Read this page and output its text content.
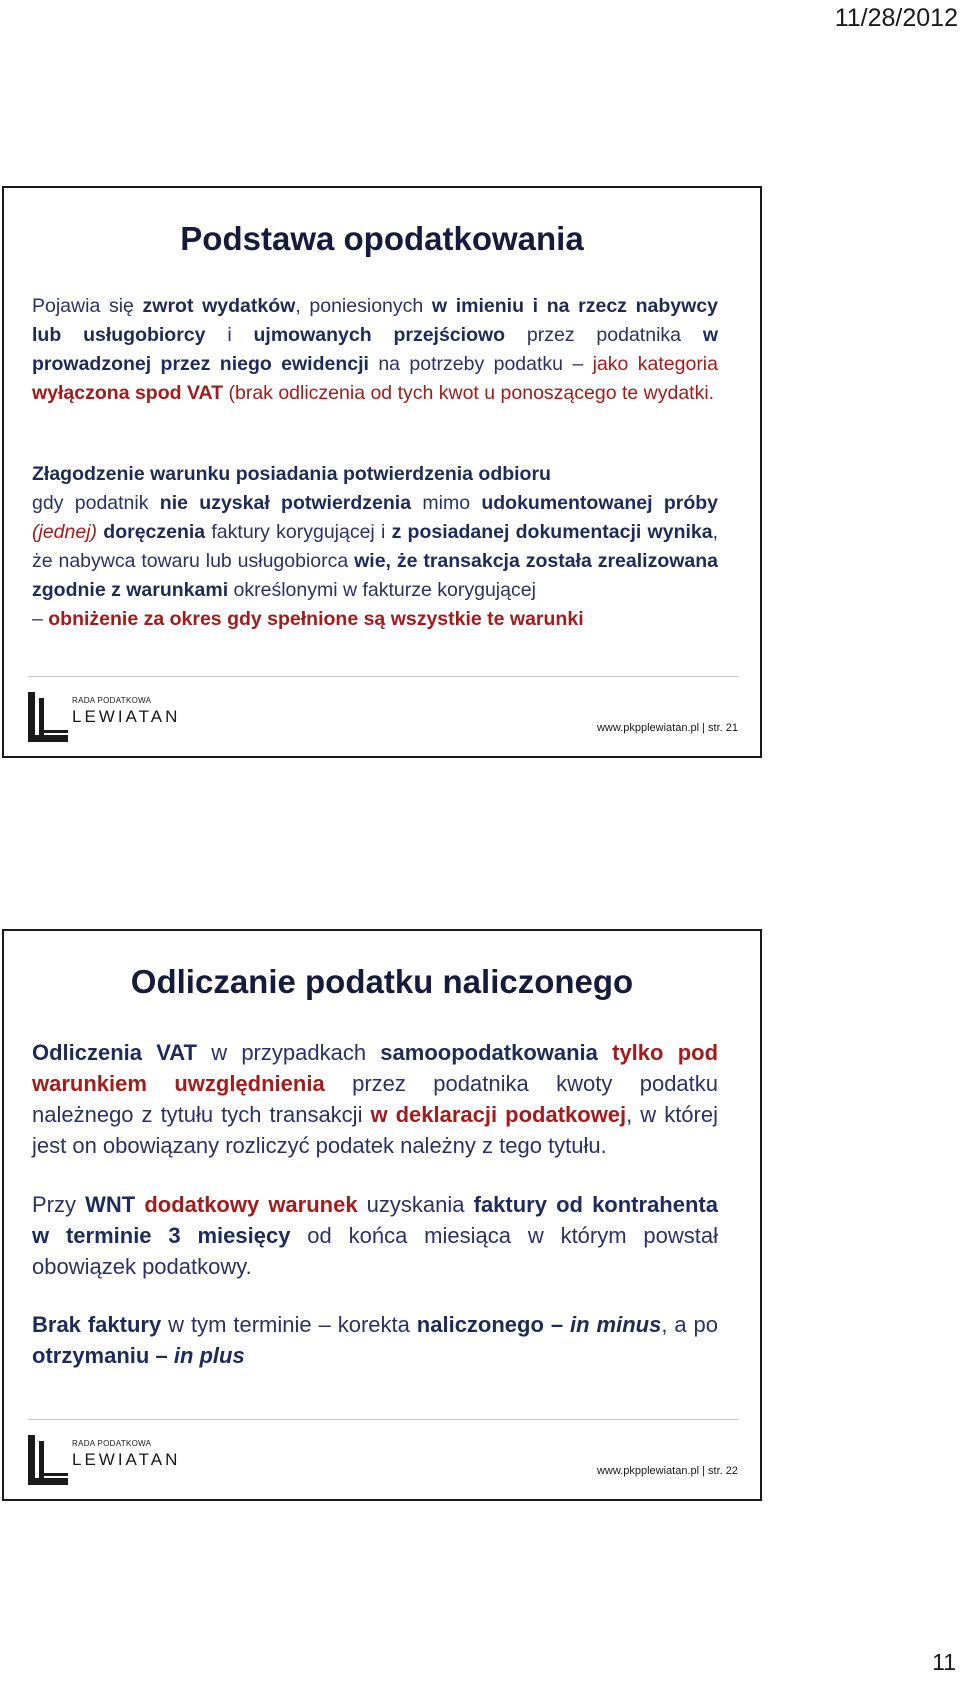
11/28/2012
Podstawa opodatkowania

Pojawia się zwrot wydatków, poniesionych w imieniu i na rzecz nabywcy lub usługobiorcy i ujmowanych przejściowo przez podatnika w prowadzonej przez niego ewidencji na potrzeby podatku – jako kategoria wyłączona spod VAT (brak odliczenia od tych kwot u ponoszącego te wydatki.

Złagodzenie warunku posiadania potwierdzenia odbioru
gdy podatnik nie uzyskał potwierdzenia mimo udokumentowanej próby (jednej) doręczenia faktury korygującej i z posiadanej dokumentacji wynika, że nabywca towaru lub usługobiorca wie, że transakcja została zrealizowana zgodnie z warunkami określonymi w fakturze korygującej
– obniżenie za okres gdy spełnione są wszystkie te warunki

RADA PODATKOWA
LEWIATAN
www.pkpplewiatan.pl | str. 21
Odliczanie podatku naliczonego

Odliczenia VAT w przypadkach samoopodatkowania tylko pod warunkiem uwzględnienia przez podatnika kwoty podatku należnego z tytułu tych transakcji w deklaracji podatkowej, w której jest on obowiązany rozliczyć podatek należny z tego tytułu.

Przy WNT dodatkowy warunek uzyskania faktury od kontrahenta w terminie 3 miesięcy od końca miesiąca w którym powstał obowiązek podatkowy.

Brak faktury w tym terminie – korekta naliczonego – in minus, a po otrzymaniu – in plus

RADA PODATKOWA
LEWIATAN
www.pkpplewiatan.pl | str. 22
11
